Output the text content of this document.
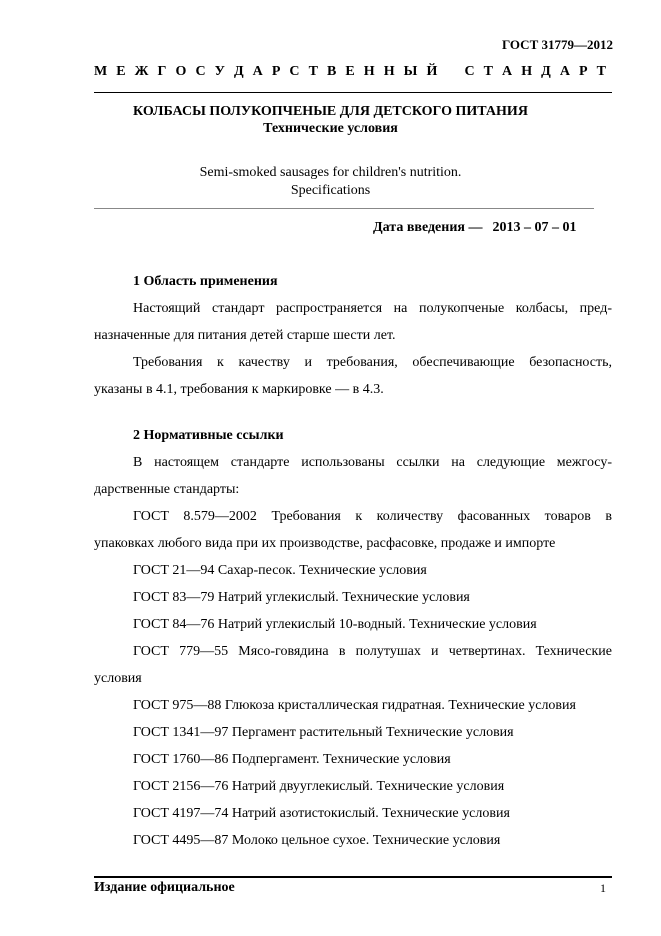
ГОСТ 31779—2012
М Е Ж Г О С У Д А Р С Т В Е Н Н Ы Й С Т А Н Д А Р Т
КОЛБАСЫ ПОЛУКОПЧЕНЫЕ ДЛЯ ДЕТСКОГО ПИТАНИЯ
Технические условия
Semi-smoked sausages for children's nutrition.
Specifications
Дата введения — 2013 – 07 – 01
1 Область применения
Настоящий стандарт распространяется на полукопченые колбасы, пред-
назначенные для питания детей старше шести лет.
Требования к качеству и требования, обеспечивающие безопасность,
указаны в 4.1, требования к маркировке — в 4.3.
2 Нормативные ссылки
В настоящем стандарте использованы ссылки на следующие межгосу-
дарственные стандарты:
ГОСТ 8.579—2002 Требования к количеству фасованных товаров в
упаковках любого вида при их производстве, расфасовке, продаже и импорте
ГОСТ 21—94 Сахар-песок. Технические условия
ГОСТ 83—79 Натрий углекислый. Технические условия
ГОСТ 84—76 Натрий углекислый 10-водный. Технические условия
ГОСТ 779—55 Мясо-говядина в полутушах и четвертинах. Технические
условия
ГОСТ 975—88 Глюкоза кристаллическая гидратная. Технические условия
ГОСТ 1341—97 Пергамент растительный Технические условия
ГОСТ 1760—86 Подпергамент. Технические условия
ГОСТ 2156—76 Натрий двууглекислый. Технические условия
ГОСТ 4197—74 Натрий азотистокислый. Технические условия
ГОСТ 4495—87 Молоко цельное сухое. Технические условия
Издание официальное	1
